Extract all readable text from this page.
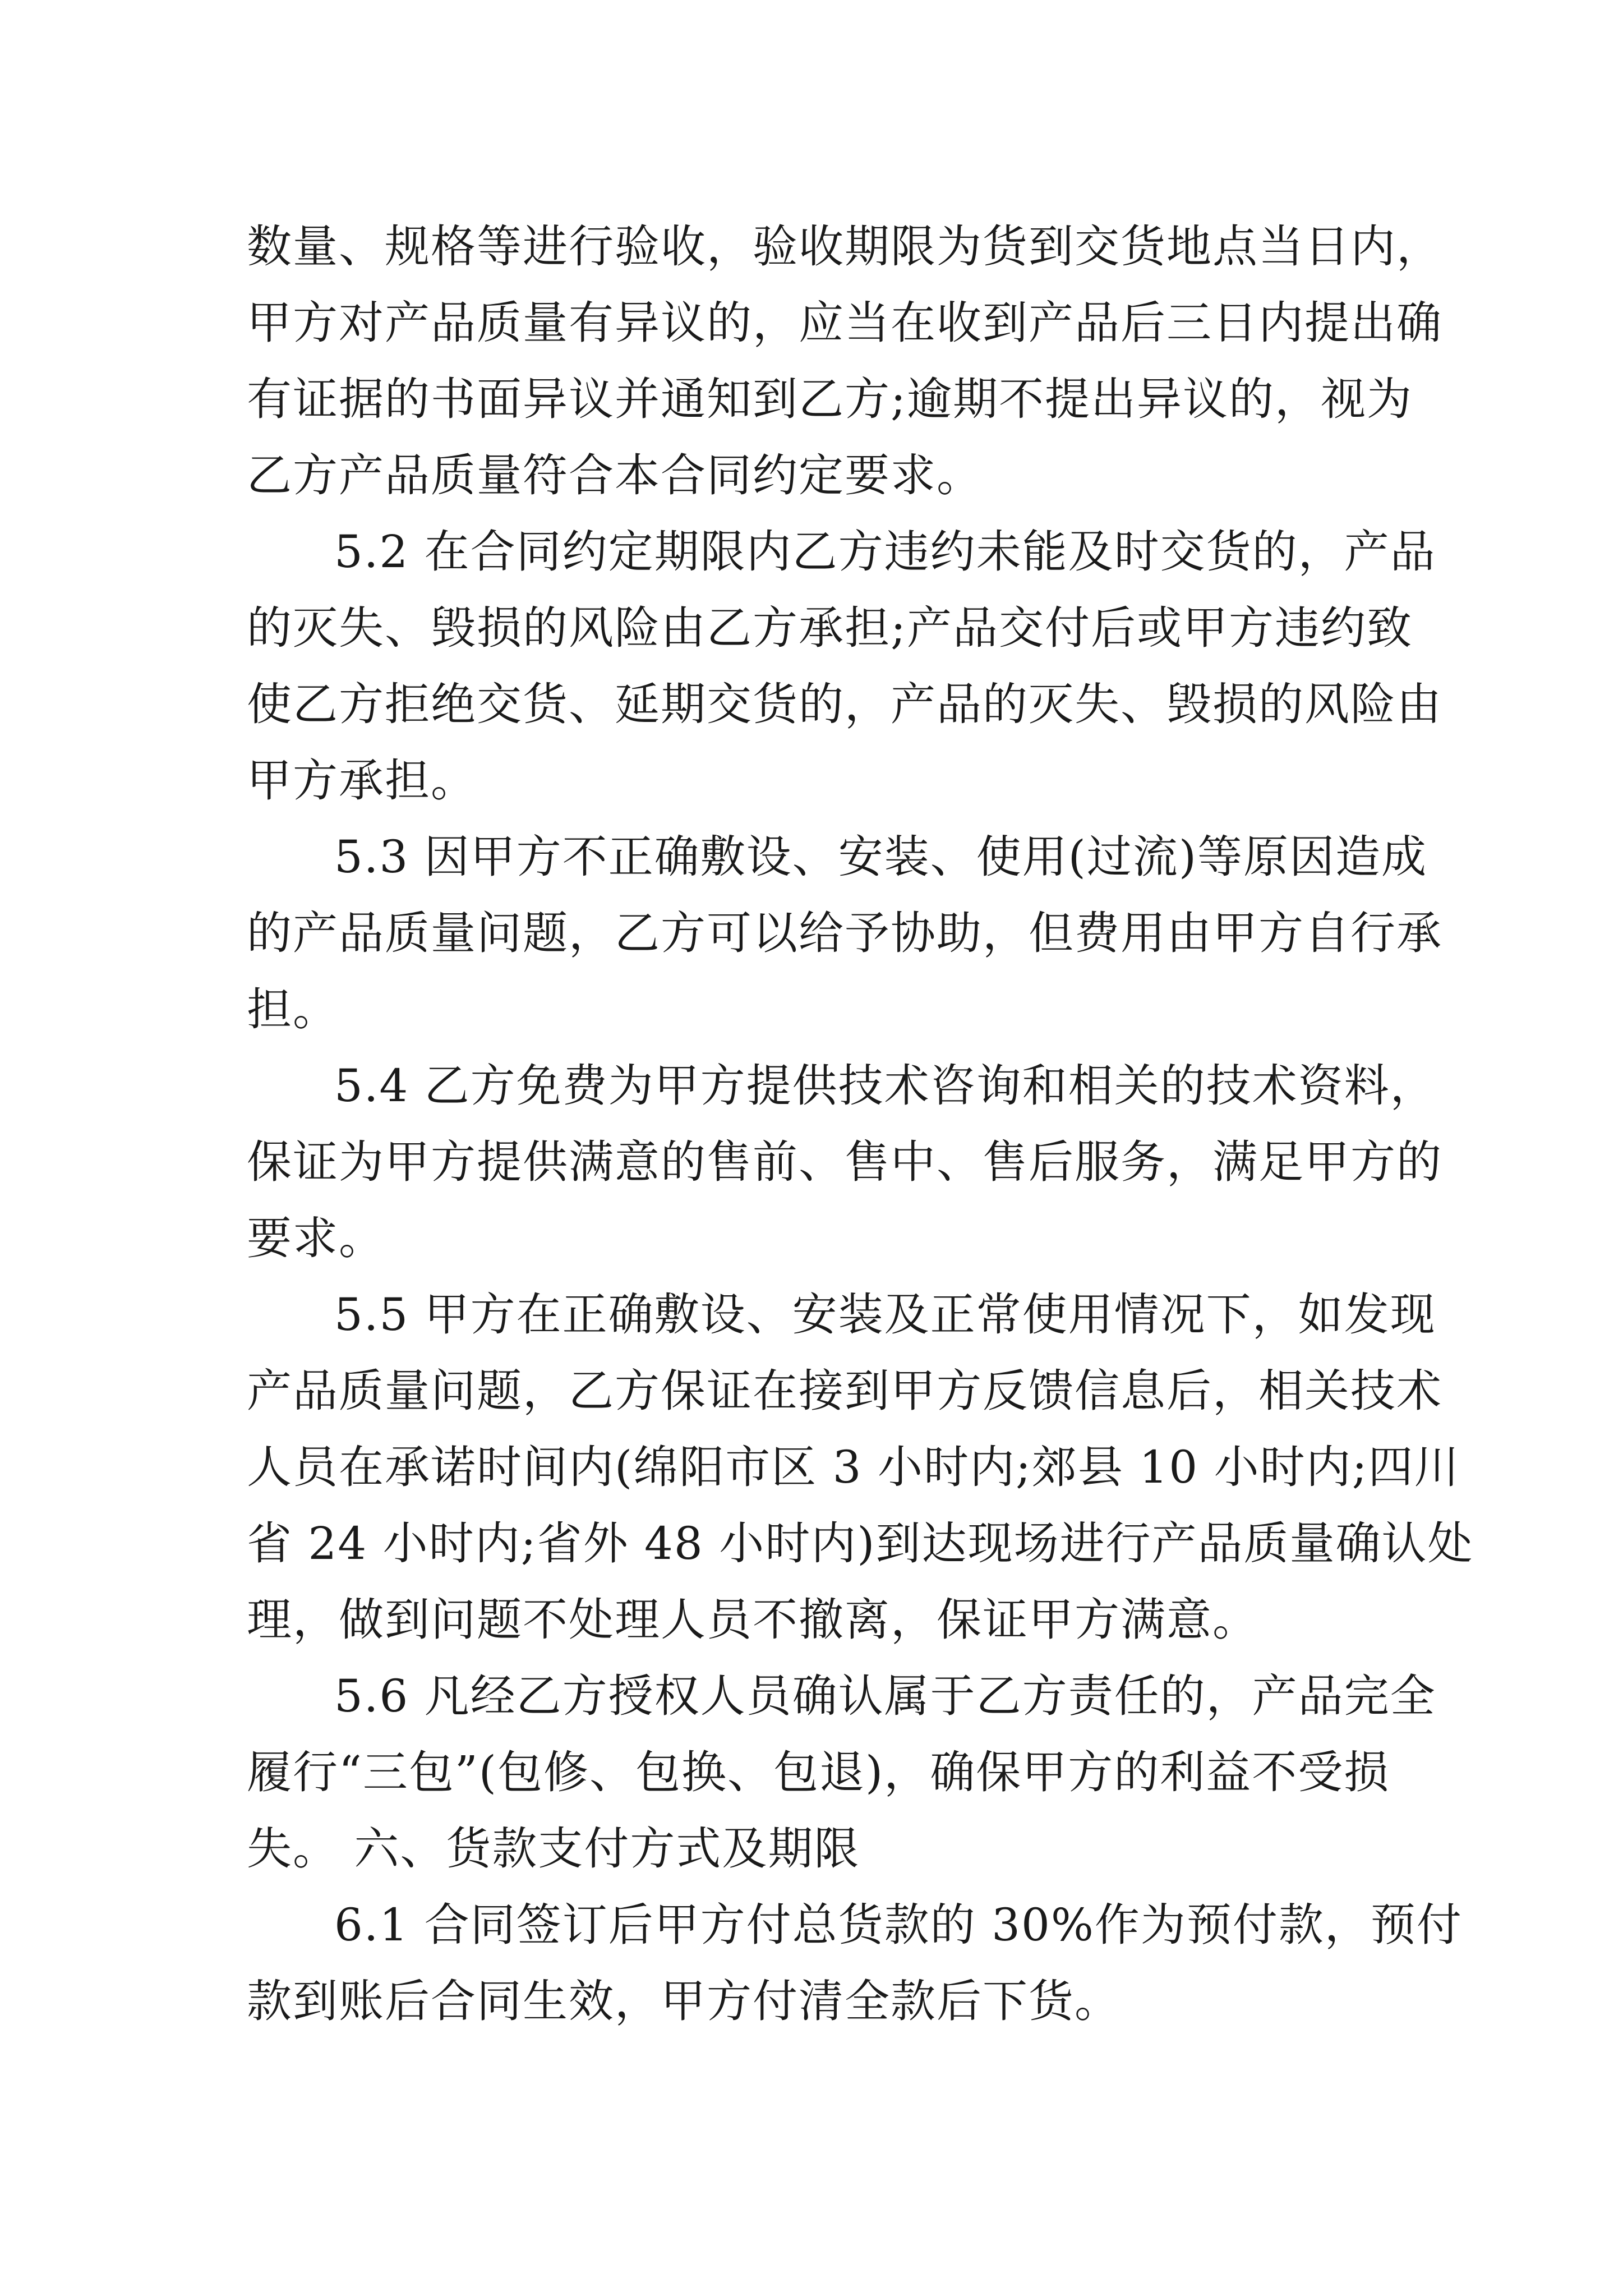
数量、规格等进行验收，验收期限为货到交货地点当日内，
甲方对产品质量有异议的，应当在收到产品后三日内提出确
有证据的书面异议并通知到乙方;逾期不提出异议的，视为
乙方产品质量符合本合同约定要求。
5.2 在合同约定期限内乙方违约未能及时交货的，产品
的灭失、毁损的风险由乙方承担;产品交付后或甲方违约致
使乙方拒绝交货、延期交货的，产品的灭失、毁损的风险由
甲方承担。
5.3 因甲方不正确敷设、安装、使用(过流)等原因造成
的产品质量问题，乙方可以给予协助，但费用由甲方自行承
担。
5.4 乙方免费为甲方提供技术咨询和相关的技术资料，
保证为甲方提供满意的售前、售中、售后服务，满足甲方的
要求。
5.5 甲方在正确敷设、安装及正常使用情况下，如发现
产品质量问题，乙方保证在接到甲方反馈信息后，相关技术
人员在承诺时间内(绵阳市区 3 小时内;郊县 10 小时内;四川
省 24 小时内;省外 48 小时内)到达现场进行产品质量确认处
理，做到问题不处理人员不撤离，保证甲方满意。
5.6 凡经乙方授权人员确认属于乙方责任的，产品完全
履行“三包”(包修、包换、包退)，确保甲方的利益不受损
失。 六、货款支付方式及期限
6.1 合同签订后甲方付总货款的 30%作为预付款，预付
款到账后合同生效，甲方付清全款后下货。
